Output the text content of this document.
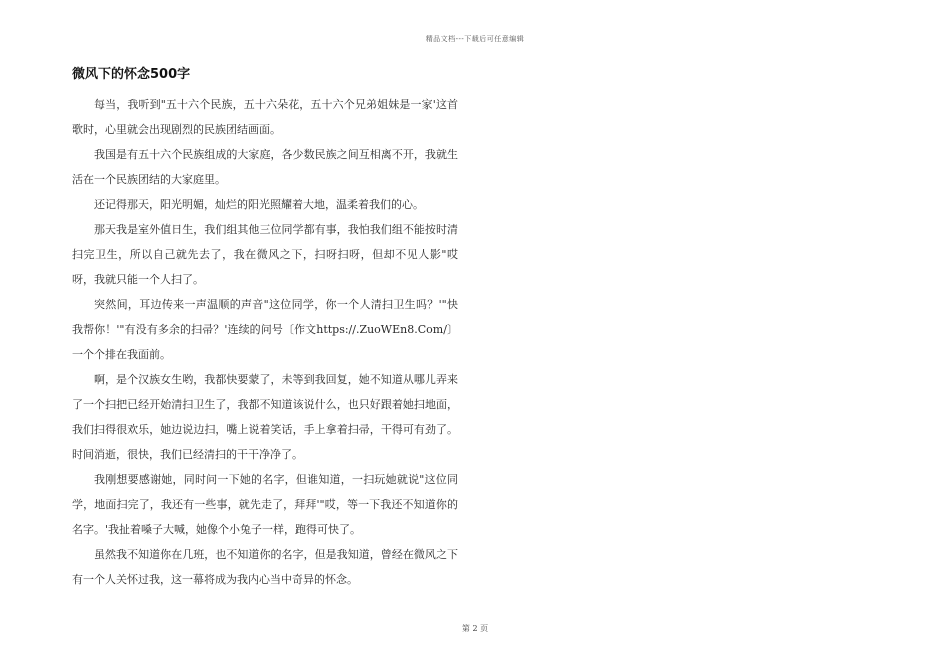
精品文档---下载后可任意编辑
微风下的怀念500字

每当，我听到"五十六个民族，五十六朵花，五十六个兄弟姐妹是一家'这首歌时，心里就会出现剧烈的民族团结画面。

我国是有五十六个民族组成的大家庭，各少数民族之间互相离不开，我就生活在一个民族团结的大家庭里。

还记得那天，阳光明媚，灿烂的阳光照耀着大地，温柔着我们的心。

那天我是室外值日生，我们组其他三位同学都有事，我怕我们组不能按时清扫完卫生，所以自己就先去了，我在微风之下，扫呀扫呀，但却不见人影"哎呀，我就只能一个人扫了。

突然间，耳边传来一声温顺的声音"这位同学，你一个人清扫卫生吗？'"快我帮你！'"有没有多余的扫帚？'连续的问号〔作文https://.ZuoWEn8.Com/〕一个个排在我面前。

啊，是个汉族女生哟，我都快要蒙了，未等到我回复，她不知道从哪儿弄来了一个扫把已经开始清扫卫生了，我都不知道该说什么，也只好跟着她扫地面，我们扫得很欢乐，她边说边扫，嘴上说着笑话，手上拿着扫帚，干得可有劲了。时间消逝，很快，我们已经清扫的干干净净了。

我刚想要感谢她，同时问一下她的名字，但谁知道，一扫玩她就说"这位同学，地面扫完了，我还有一些事，就先走了，拜拜'"哎，等一下我还不知道你的名字。'我扯着嗓子大喊，她像个小兔子一样，跑得可快了。

虽然我不知道你在几班，也不知道你的名字，但是我知道，曾经在微风之下有一个人关怀过我，这一幕将成为我内心当中奇异的怀念。

第 2 页
